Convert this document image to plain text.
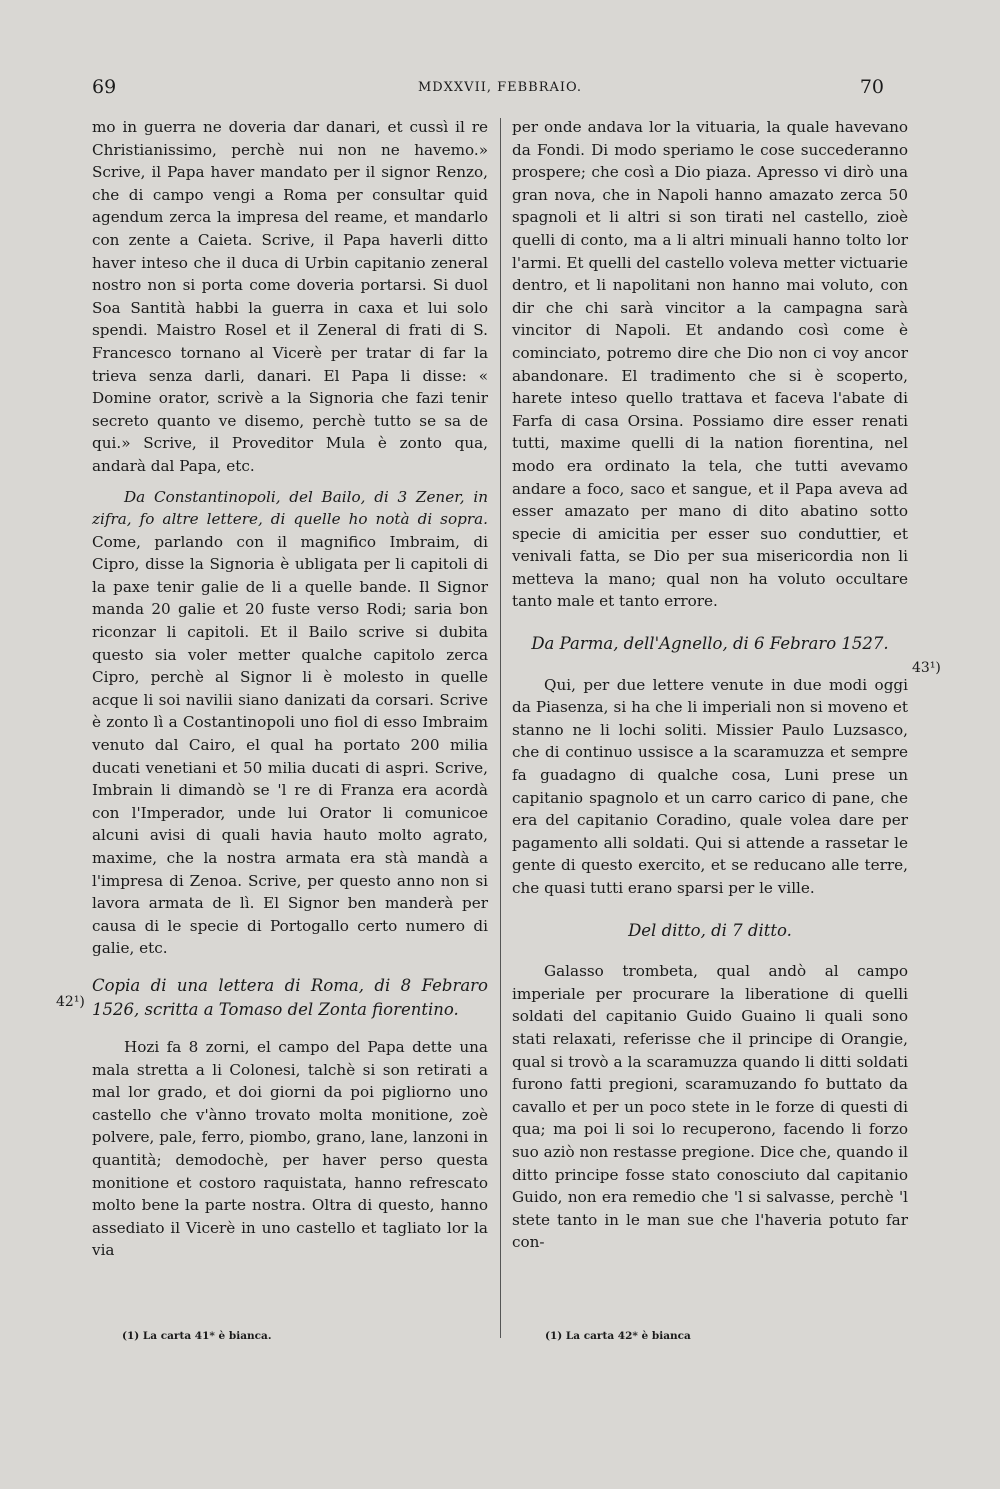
69	MDXXVII, FEBBRAIO.	70

mo in guerra ne doveria dar danari, et cussì il re Christianissimo, perchè nui non ne havemo.» Scrive, il Papa haver mandato per il signor Renzo, che di campo vengi a Roma per consultar quid agendum zerca la impresa del reame, et mandarlo con zente a Caieta. Scrive, il Papa haverli ditto haver inteso che il duca di Urbin capitanio zeneral nostro non si porta come doveria portarsi. Si duol Soa Santità habbi la guerra in caxa et lui solo spendi. Maistro Rosel et il Zeneral di frati di S. Francesco tornano al Vicerè per tratar di far la trieva senza darli, danari. El Papa li disse: « Domine orator, scrivè a la Signoria che fazi tenir secreto quanto ve disemo, perchè tutto se sa de qui.» Scrive, il Proveditor Mula è zonto qua, andarà dal Papa, etc.

Da Constantinopoli, del Bailo, di 3 Zener, in zifra, fo altre lettere, di quelle ho notà di sopra. Come, parlando con il magnifico Imbraim, di Cipro, disse la Signoria è ubligata per li capitoli di la paxe tenir galie de li a quelle bande. Il Signor manda 20 galie et 20 fuste verso Rodi; saria bon riconzar li capitoli. Et il Bailo scrive si dubita questo sia voler metter qualche capitolo zerca Cipro, perchè al Signor li è molesto in quelle acque li soi navilii siano danizati da corsari. Scrive è zonto lì a Costantinopoli uno fiol di esso Imbraim venuto dal Cairo, el qual ha portato 200 milia ducati venetiani et 50 milia ducati di aspri. Scrive, Imbrain li dimandò se 'l re di Franza era acordà con l'Imperador, unde lui Orator li comunicoe alcuni avisi di quali havia hauto molto agrato, maxime, che la nostra armata era stà mandà a l'impresa di Zenoa. Scrive, per questo anno non si lavora armata de lì. El Signor ben manderà per causa di le specie di Portogallo certo numero di galie, etc.

Copia di una lettera di Roma, di 8 Febraro 1526, scritta a Tomaso del Zonta fiorentino.

Hozi fa 8 zorni, el campo del Papa dette una mala stretta a li Colonesi, talchè si son retirati a mal lor grado, et doi giorni da poi pigliorno uno castello che v'ànno trovato molta monitione, zoè polvere, pale, ferro, piombo, grano, lane, lanzoni in quantità; demodochè, per haver perso questa monitione et costoro raquistata, hanno refrescato molto bene la parte nostra. Oltra di questo, hanno assediato il Vicerè in uno castello et tagliato lor la via

per onde andava lor la vituaria, la quale havevano da Fondi. Di modo speriamo le cose succederanno prospere; che così a Dio piaza. Apresso vi dirò una gran nova, che in Napoli hanno amazato zerca 50 spagnoli et li altri si son tirati nel castello, zioè quelli di conto, ma a li altri minuali hanno tolto lor l'armi. Et quelli del castello voleva metter victuarie dentro, et li napolitani non hanno mai voluto, con dir che chi sarà vincitor a la campagna sarà vincitor di Napoli. Et andando così come è cominciato, potremo dire che Dio non ci voy ancor abandonare. El tradimento che si è scoperto, harete inteso quello trattava et faceva l'abate di Farfa di casa Orsina. Possiamo dire esser renati tutti, maxime quelli di la nation fiorentina, nel modo era ordinato la tela, che tutti avevamo andare a foco, saco et sangue, et il Papa aveva ad esser amazato per mano di dito abatino sotto specie di amicitia per esser suo conduttier, et venivali fatta, se Dio per sua misericordia non li metteva la mano; qual non ha voluto occultare tanto male et tanto errore.

Da Parma, dell'Agnello, di 6 Febraro 1527.

Qui, per due lettere venute in due modi oggi da Piasenza, si ha che li imperiali non si moveno et stanno ne li lochi soliti. Missier Paulo Luzsasco, che di continuo ussisce a la scaramuzza et sempre fa guadagno di qualche cosa, Luni prese un capitanio spagnolo et un carro carico di pane, che era del capitanio Coradino, quale volea dare per pagamento alli soldati. Qui si attende a rassetar le gente di questo exercito, et se reducano alle terre, che quasi tutti erano sparsi per le ville.

Del ditto, di 7 ditto.

Galasso trombeta, qual andò al campo imperiale per procurare la liberatione di quelli soldati del capitanio Guido Guaino li quali sono stati relaxati, referisse che il principe di Orangie, qual si trovò a la scaramuzza quando li ditti soldati furono fatti pregioni, scaramuzando fo buttato da cavallo et per un poco stete in le forze di questi di qua; ma poi li soi lo recuperono, facendo li forzo suo aziò non restasse pregione. Dice che, quando il ditto principe fosse stato conosciuto dal capitanio Guido, non era remedio che 'l si salvasse, perchè 'l stete tanto in le man sue che l'haveria potuto far con-

42¹)
43¹)
(1) La carta 41* è bianca.	(1) La carta 42* è bianca
